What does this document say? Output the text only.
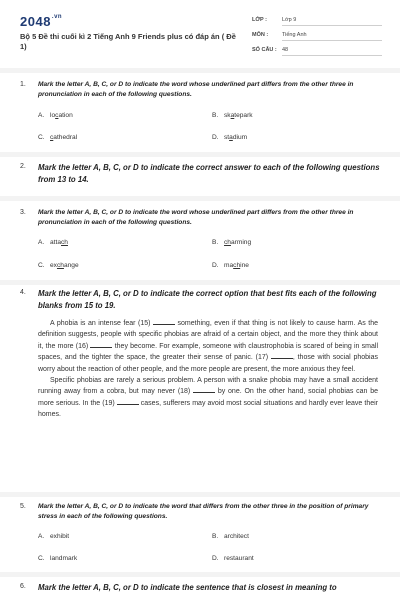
$2048^{.vn}$
Bộ 5 Đề thi cuối kì 2 Tiếng Anh 9 Friends plus có đáp án ( Đề 1)
LỚP :	Lớp 9
MÔN :	Tiếng Anh
SỐ CÂU : 48
1. Mark the letter A, B, C, or D to indicate the word whose underlined part differs from the other three in pronunciation in each of the following questions.
A. location	B. skatepark
C. cathedral	D. stadium
2. Mark the letter A, B, C, or D to indicate the correct answer to each of the following questions from 13 to 14.
3. Mark the letter A, B, C, or D to indicate the word whose underlined part differs from the other three in pronunciation in each of the following questions.
A. attach	B. charming
C. exchange	D. machine
4. Mark the letter A, B, C, or D to indicate the correct option that best fits each of the following blanks from 15 to 19.

A phobia is an intense fear (15)	something, even if that thing is not likely to cause harm. As the definition suggests, people with specific phobias are afraid of a certain object, and the more they think about it, the more (16)	they become. For example, someone with claustrophobia is scared of being in small spaces, and the tighter the space, the greater their sense of panic. (17)	, those with social phobias worry about the reaction of other people, and the more people are present, the more anxious they feel.

Specific phobias are rarely a serious problem. A person with a snake phobia may have a small accident running away from a cobra, but may never (18)	by one. On the other hand, social phobias can be more serious. In the (19)	cases, sufferers may avoid most social situations and hardly ever leave their homes.

5. Mark the letter A, B, C, or D to indicate the word that differs from the other three in the position of primary stress in each of the following questions.
A. exhibit	B. architect
C. landmark	D. restaurant
6. Mark the letter A, B, C, or D to indicate the sentence that is closest in meaning to
